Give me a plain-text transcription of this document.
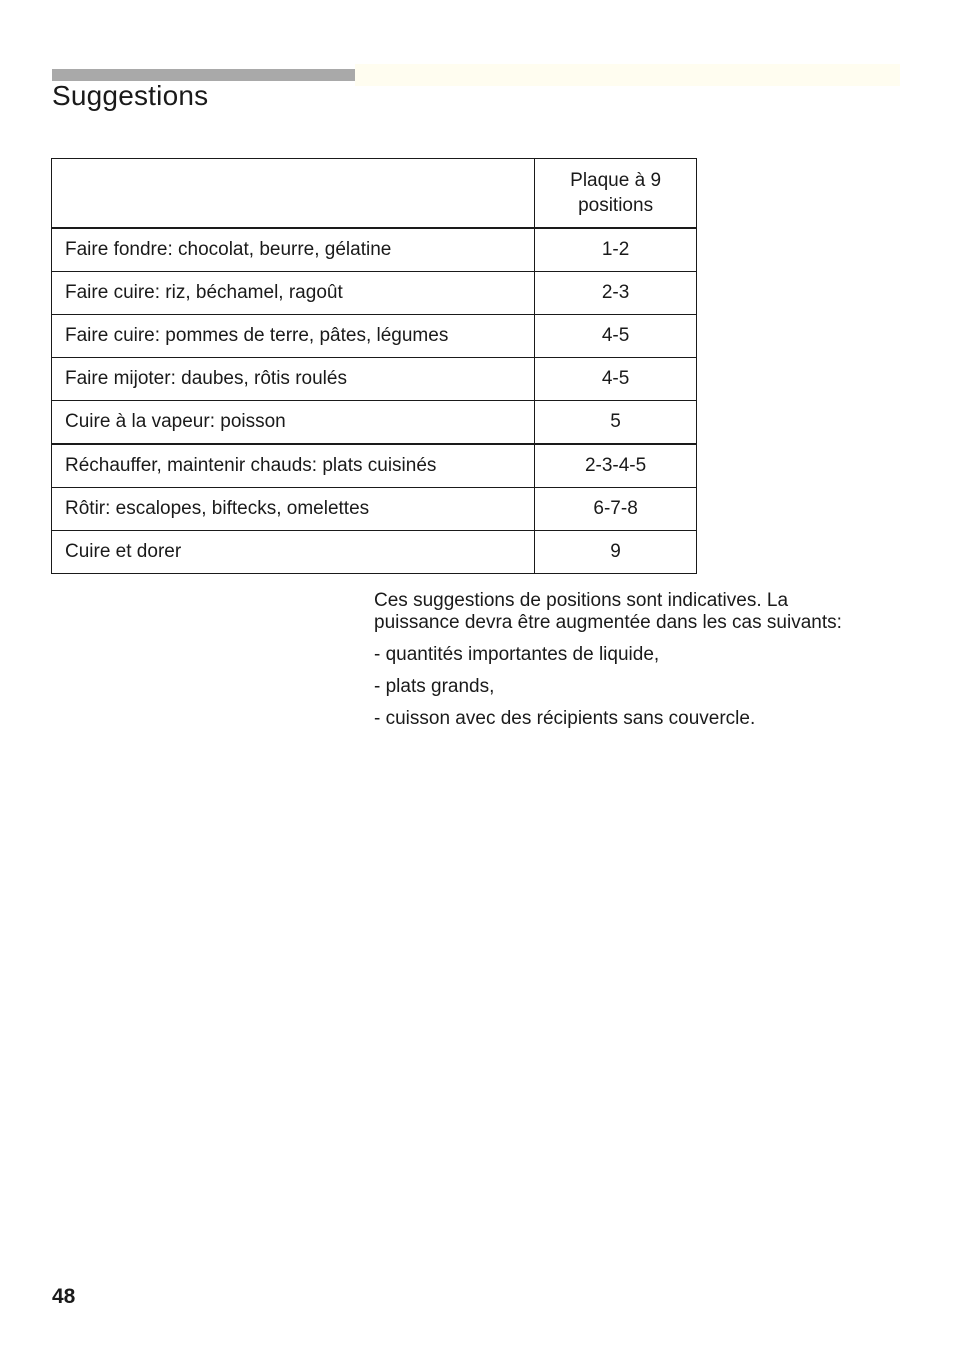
Suggestions
	Plaque à 9 positions
Faire fondre: chocolat, beurre, gélatine	1-2
Faire cuire: riz, béchamel, ragoût	2-3
Faire cuire: pommes de terre, pâtes, légumes	4-5
Faire mijoter: daubes, rôtis roulés	4-5
Cuire à la vapeur: poisson	5
Réchauffer, maintenir chauds: plats cuisinés	2-3-4-5
Rôtir: escalopes, biftecks, omelettes	6-7-8
Cuire et dorer	9

Ces suggestions de positions sont indicatives. La puissance devra être augmentée dans les cas suivants:

- quantités importantes de liquide,
- plats grands,
- cuisson avec des récipients sans couvercle.
48
